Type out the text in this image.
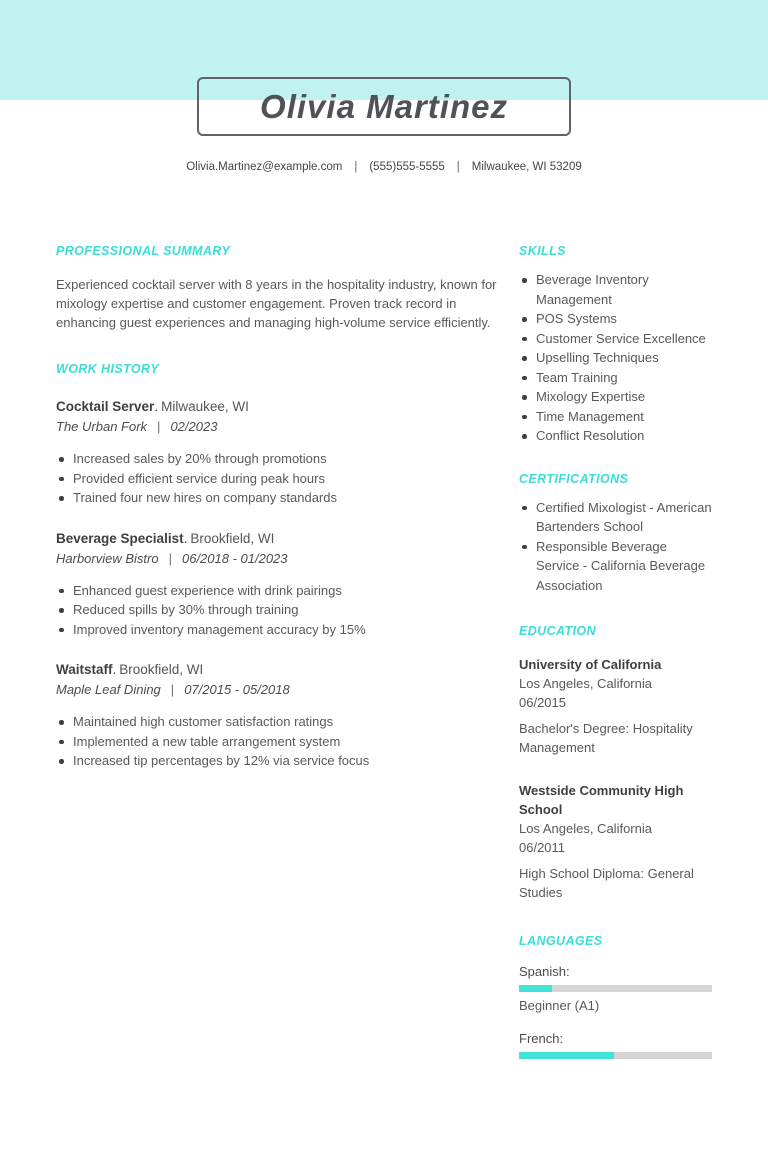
Olivia Martinez
Olivia.Martinez@example.com | (555)555-5555 | Milwaukee, WI 53209
PROFESSIONAL SUMMARY

Experienced cocktail server with 8 years in the hospitality industry, known for mixology expertise and customer engagement. Proven track record in enhancing guest experiences and managing high-volume service efficiently.

WORK HISTORY
Cocktail Server. Milwaukee, WI
The Urban Fork | 02/2023
Increased sales by 20% through promotions
Provided efficient service during peak hours
Trained four new hires on company standards
Beverage Specialist. Brookfield, WI
Harborview Bistro | 06/2018 - 01/2023
Enhanced guest experience with drink pairings
Reduced spills by 30% through training
Improved inventory management accuracy by 15%
Waitstaff. Brookfield, WI
Maple Leaf Dining | 07/2015 - 05/2018
Maintained high customer satisfaction ratings
Implemented a new table arrangement system
Increased tip percentages by 12% via service focus
SKILLS
Beverage Inventory Management
POS Systems
Customer Service Excellence
Upselling Techniques
Team Training
Mixology Expertise
Time Management
Conflict Resolution
CERTIFICATIONS
Certified Mixologist - American Bartenders School
Responsible Beverage Service - California Beverage Association
EDUCATION

University of California

Los Angeles, California
06/2015

Bachelor's Degree: Hospitality Management

Westside Community High School

Los Angeles, California
06/2011

High School Diploma: General Studies

LANGUAGES
Spanish:
Beginner (A1)
French:
